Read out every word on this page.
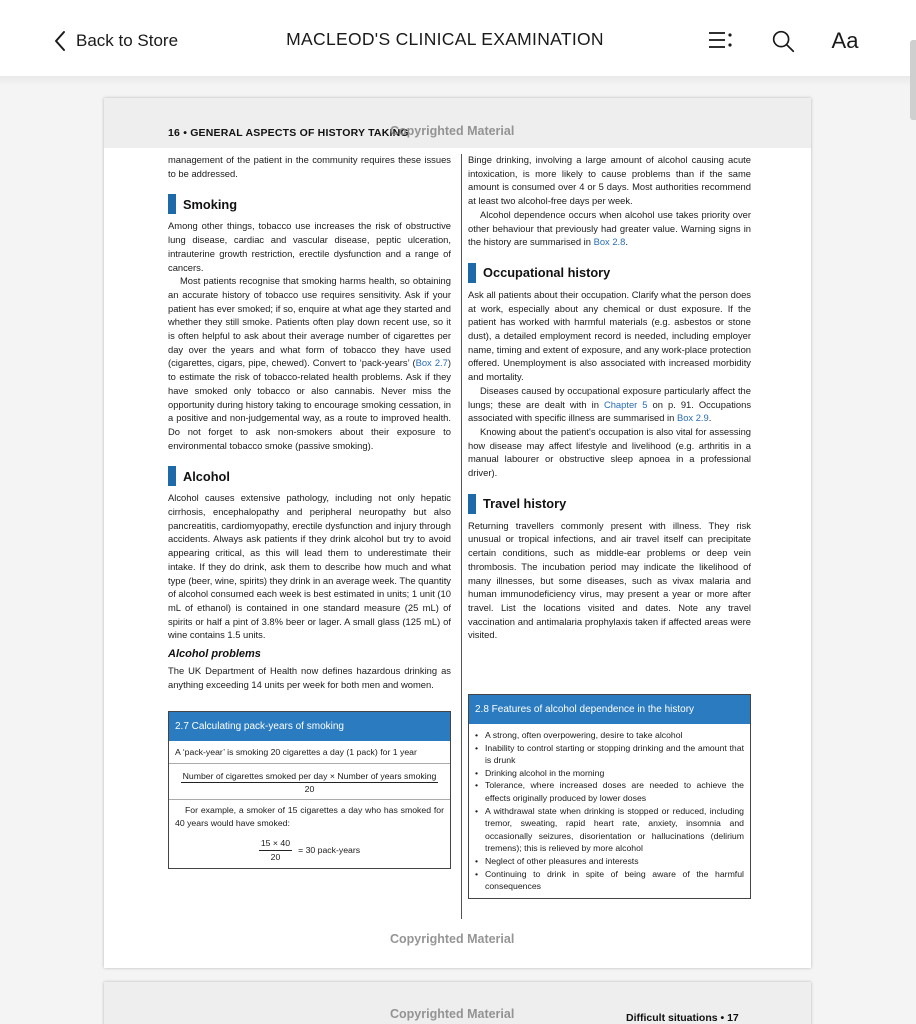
Back to Store	MACLEOD'S CLINICAL EXAMINATION	Aa
16 • GENERAL ASPECTS OF HISTORY TAKING
Copyrighted Material

management of the patient in the community requires these issues to be addressed.

Smoking

Among other things, tobacco use increases the risk of obstructive lung disease, cardiac and vascular disease, peptic ulceration, intrauterine growth restriction, erectile dysfunction and a range of cancers.

Most patients recognise that smoking harms health, so obtaining an accurate history of tobacco use requires sensitivity. Ask if your patient has ever smoked; if so, enquire at what age they started and whether they still smoke. Patients often play down recent use, so it is often helpful to ask about their average number of cigarettes per day over the years and what form of tobacco they have used (cigarettes, cigars, pipe, chewed). Convert to ‘pack-years’ (Box 2.7) to estimate the risk of tobacco-related health problems. Ask if they have smoked only tobacco or also cannabis. Never miss the opportunity during history taking to encourage smoking cessation, in a positive and non-judgemental way, as a route to improved health. Do not forget to ask non-smokers about their exposure to environmental tobacco smoke (passive smoking).

Alcohol

Alcohol causes extensive pathology, including not only hepatic cirrhosis, encephalopathy and peripheral neuropathy but also pancreatitis, cardiomyopathy, erectile dysfunction and injury through accidents. Always ask patients if they drink alcohol but try to avoid appearing critical, as this will lead them to underestimate their intake. If they do drink, ask them to describe how much and what type (beer, wine, spirits) they drink in an average week. The quantity of alcohol consumed each week is best estimated in units; 1 unit (10 mL of ethanol) is contained in one standard measure (25 mL) of spirits or half a pint of 3.8% beer or lager. A small glass (125 mL) of wine contains 1.5 units.

Alcohol problems

The UK Department of Health now defines hazardous drinking as anything exceeding 14 units per week for both men and women.

2.7 Calculating pack-years of smoking
A ‘pack-year’ is smoking 20 cigarettes a day (1 pack) for 1 year
Number of cigarettes smoked per day × Number of years smoking
20
For example, a smoker of 15 cigarettes a day who has smoked for 40 years would have smoked:
$\frac{15 \times 40}{20} = 30$ pack-years

Binge drinking, involving a large amount of alcohol causing acute intoxication, is more likely to cause problems than if the same amount is consumed over 4 or 5 days. Most authorities recommend at least two alcohol-free days per week.

Alcohol dependence occurs when alcohol use takes priority over other behaviour that previously had greater value. Warning signs in the history are summarised in Box 2.8.

Occupational history

Ask all patients about their occupation. Clarify what the person does at work, especially about any chemical or dust exposure. If the patient has worked with harmful materials (e.g. asbestos or stone dust), a detailed employment record is needed, including employer name, timing and extent of exposure, and any work-place protection offered. Unemployment is also associated with increased morbidity and mortality.

Diseases caused by occupational exposure particularly affect the lungs; these are dealt with in Chapter 5 on p. 91. Occupations associated with specific illness are summarised in Box 2.9.

Knowing about the patient's occupation is also vital for assessing how disease may affect lifestyle and livelihood (e.g. arthritis in a manual labourer or obstructive sleep apnoea in a professional driver).

Travel history

Returning travellers commonly present with illness. They risk unusual or tropical infections, and air travel itself can precipitate certain conditions, such as middle-ear problems or deep vein thrombosis. The incubation period may indicate the likelihood of many illnesses, but some diseases, such as vivax malaria and human immunodeficiency virus, may present a year or more after travel. List the locations visited and dates. Note any travel vaccination and antimalaria prophylaxis taken if affected areas were visited.

2.8 Features of alcohol dependence in the history
• A strong, often overpowering, desire to take alcohol
• Inability to control starting or stopping drinking and the amount that is drunk
• Drinking alcohol in the morning
• Tolerance, where increased doses are needed to achieve the effects originally produced by lower doses
• A withdrawal state when drinking is stopped or reduced, including tremor, sweating, rapid heart rate, anxiety, insomnia and occasionally seizures, disorientation or hallucinations (delirium tremens); this is relieved by more alcohol
• Neglect of other pleasures and interests
• Continuing to drink in spite of being aware of the harmful consequences
Copyrighted Material
Copyrighted Material	Difficult situations • 17
